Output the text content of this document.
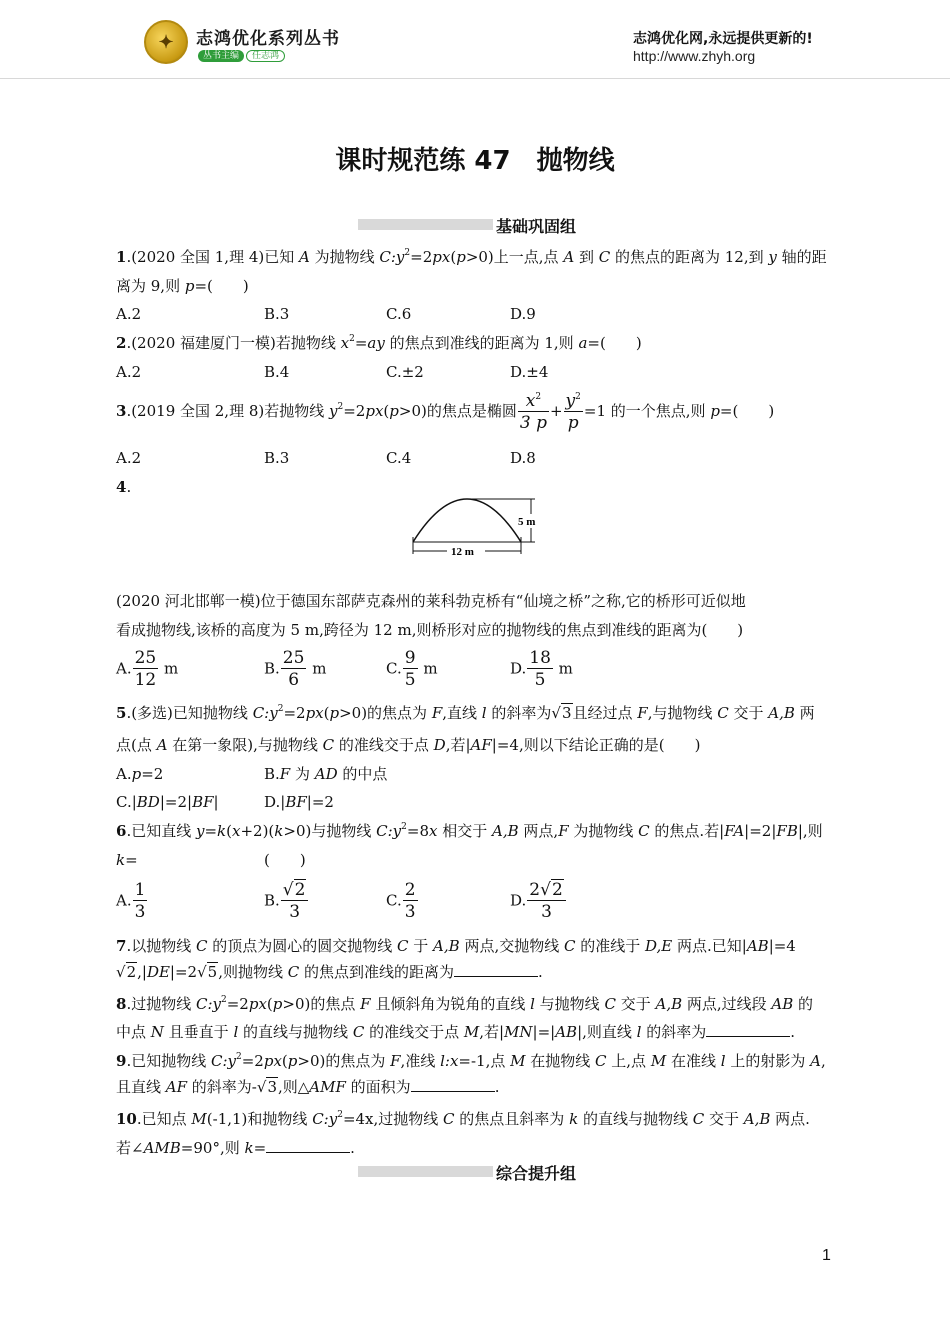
✦	志鸿优化系列丛书
丛书主编 任志鸿
志鸿优化网,永远提供更新的!
http://www.zhyh.org
课时规范练 47　抛物线
基础巩固组
1.(2020 全国 1,理 4)已知 A 为抛物线 $C:y^2=2px(p>0)$上一点,点 A 到 C 的焦点的距离为 12,到 y 轴的距
离为 9,则 p=(　　)
A.2	B.3	C.6	D.9
2.(2020 福建厦门一模)若抛物线 $x^2=ay$ 的焦点到准线的距离为 1,则 a=(　　)
A.2	B.4	C.±2	D.±4
3.(2019 全国 2,理 8)若抛物线 $y^2=2px(p>0)$的焦点是椭圆 $\frac{x^2}{3 p} + \frac{y^2}{p} =1$ 的一个焦点,则 p=(　　)
A.2	B.3	C.4	D.8
4.
5 m
12 m
(2020 河北邯郸一模)位于德国东部萨克森州的莱科勃克桥有“仙境之桥”之称,它的桥形可近似地
看成抛物线,该桥的高度为 5 m,跨径为 12 m,则桥形对应的抛物线的焦点到准线的距离为(　　)
A. $\frac{25}{12}$ m	B. $\frac{25}{6}$ m	C. $\frac{9}{5}$ m	D. $\frac{18}{5}$ m
5.(多选)已知抛物线 $C:y^2=2px(p>0)$的焦点为 F,直线 l 的斜率为√3且经过点 F,与抛物线 C 交于 A,B 两
点(点 A 在第一象限),与抛物线 C 的准线交于点 D,若|AF|=4,则以下结论正确的是(　　)
A.p=2	B.F 为 AD 的中点
C.|BD|=2|BF|	D.|BF|=2
6.已知直线 y=k(x+2)(k>0)与抛物线 $C:y^2=8x$ 相交于 A,B 两点,F 为抛物线 C 的焦点.若|FA|=2|FB|,则
k=	(　　)
A. $\frac{1}{3}$	B. $\frac{√2}{3}$	C. $\frac{2}{3}$	D. $\frac{2√2}{3}$
7.以抛物线 C 的顶点为圆心的圆交抛物线 C 于 A,B 两点,交抛物线 C 的准线于 D,E 两点.已知|AB|=4
√2,|DE|=2√5,则抛物线 C 的焦点到准线的距离为	.
8.过抛物线 $C:y^2=2px(p>0)$的焦点 F 且倾斜角为锐角的直线 l 与抛物线 C 交于 A,B 两点,过线段 AB 的
中点 N 且垂直于 l 的直线与抛物线 C 的准线交于点 M,若|MN|=|AB|,则直线 l 的斜率为	.
9.已知抛物线 $C:y^2=2px(p>0)$的焦点为 F,准线 l:x=-1,点 M 在抛物线 C 上,点 M 在准线 l 上的射影为 A,
且直线 AF 的斜率为-√3,则△AMF 的面积为	.
10.已知点 M(-1,1)和抛物线 $C:y^2=4x$,过抛物线 C 的焦点且斜率为 k 的直线与抛物线 C 交于 A,B 两点.
若∠AMB=90°,则 k=	.
综合提升组
1
